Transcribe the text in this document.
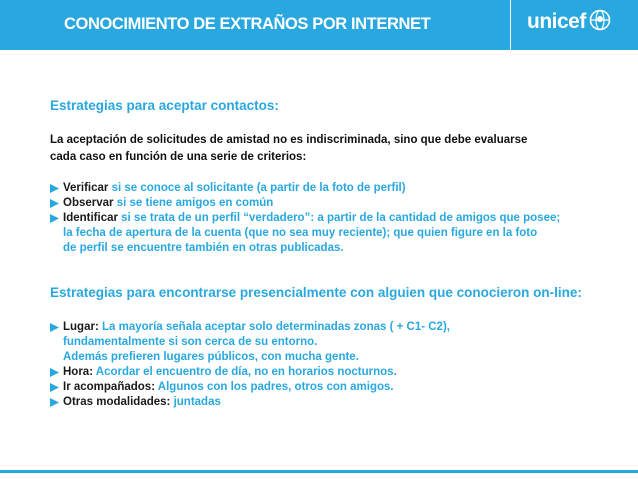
CONOCIMIENTO DE EXTRAÑOS POR INTERNET	unicef
Estrategias para aceptar contactos:
La aceptación de solicitudes de amistad no es indiscriminada, sino que debe evaluarse
cada caso en función de una serie de criterios:
Verificar si se conoce al solicitante (a partir de la foto de perfil)
Observar si se tiene amigos en común
Identificar si se trata de un perfil “verdadero”: a partir de la cantidad de amigos que posee;
la fecha de apertura de la cuenta (que no sea muy reciente); que quien figure en la foto
de perfil se encuentre también en otras publicadas.
Estrategias para encontrarse presencialmente con alguien que conocieron on-line:
Lugar: La mayoría señala aceptar solo determinadas zonas ( + C1- C2),
fundamentalmente si son cerca de su entorno.
Además prefieren lugares públicos, con mucha gente.
Hora: Acordar el encuentro de día, no en horarios nocturnos.
Ir acompañados: Algunos con los padres, otros con amigos.
Otras modalidades: juntadas
